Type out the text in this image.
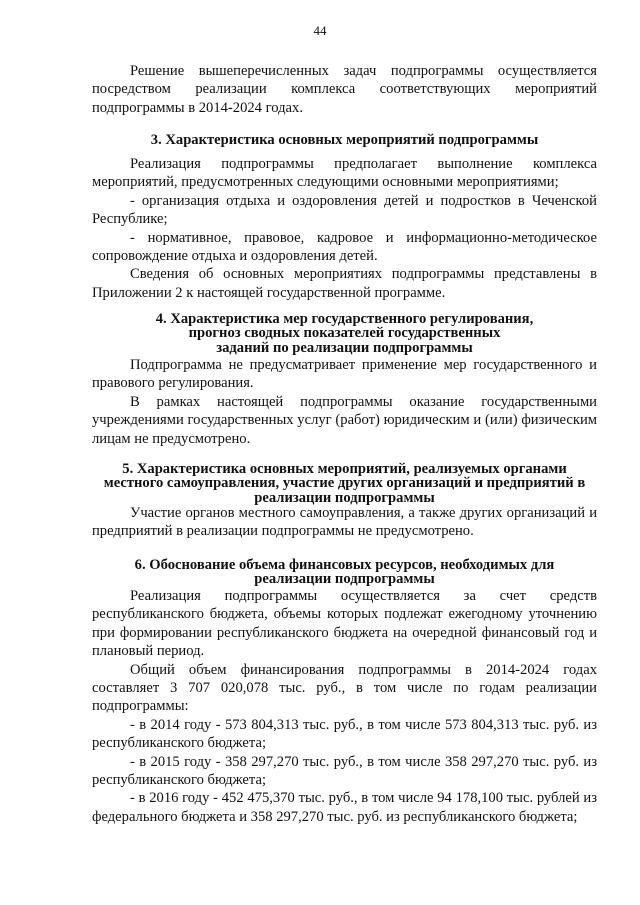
44

Решение вышеперечисленных задач подпрограммы осуществляется посредством реализации комплекса соответствующих мероприятий подпрограммы в 2014-2024 годах.

3. Характеристика основных мероприятий подпрограммы

Реализация подпрограммы предполагает выполнение комплекса мероприятий, предусмотренных следующими основными мероприятиями;

- организация отдыха и оздоровления детей и подростков в Чеченской Республике;

- нормативное, правовое, кадровое и информационно-методическое сопровождение отдыха и оздоровления детей.

Сведения об основных мероприятиях подпрограммы представлены в Приложении 2 к настоящей государственной программе.

4. Характеристика мер государственного регулирования,

прогноз сводных показателей государственных

заданий по реализации подпрограммы

Подпрограмма не предусматривает применение мер государственного и правового регулирования.

В рамках настоящей подпрограммы оказание государственными учреждениями государственных услуг (работ) юридическим и (или) физическим лицам не предусмотрено.

5. Характеристика основных мероприятий, реализуемых органами

местного самоуправления, участие других организаций и предприятий в

реализации подпрограммы

Участие органов местного самоуправления, а также других организаций и предприятий в реализации подпрограммы не предусмотрено.

6. Обоснование объема финансовых ресурсов, необходимых для

реализации подпрограммы

Реализация подпрограммы осуществляется за счет средств республиканского бюджета, объемы которых подлежат ежегодному уточнению при формировании республиканского бюджета на очередной финансовый год и плановый период.

Общий объем финансирования подпрограммы в 2014-2024 годах составляет 3 707 020,078 тыс. руб., в том числе по годам реализации подпрограммы:

- в 2014 году - 573 804,313 тыс. руб., в том числе 573 804,313 тыс. руб. из республиканского бюджета;

- в 2015 году - 358 297,270 тыс. руб., в том числе 358 297,270 тыс. руб. из республиканского бюджета;

- в 2016 году - 452 475,370 тыс. руб., в том числе 94 178,100 тыс. рублей из федерального бюджета и 358 297,270 тыс. руб. из республиканского бюджета;
